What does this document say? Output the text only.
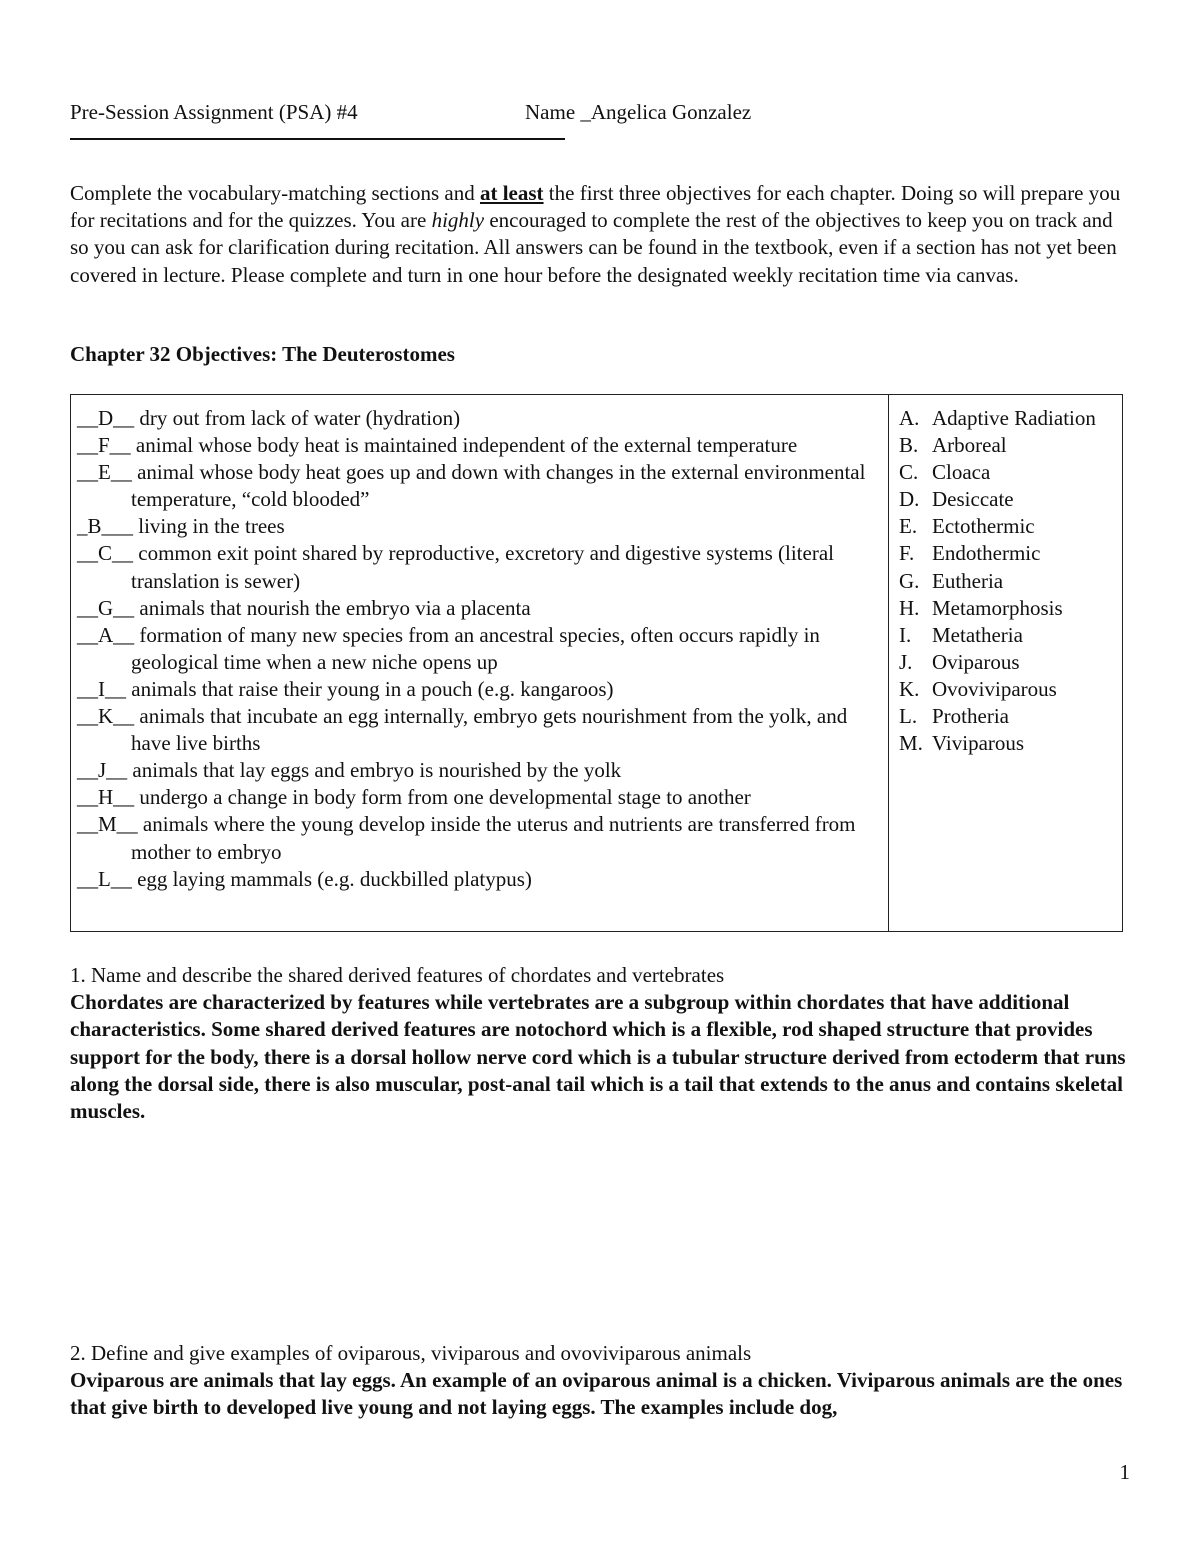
Pre-Session Assignment (PSA) #4	Name _Angelica Gonzalez

Complete the vocabulary-matching sections and at least the first three objectives for each chapter. Doing so will prepare you for recitations and for the quizzes. You are highly encouraged to complete the rest of the objectives to keep you on track and so you can ask for clarification during recitation. All answers can be found in the textbook, even if a section has not yet been covered in lecture. Please complete and turn in one hour before the designated weekly recitation time via canvas.

Chapter 32 Objectives: The Deuterostomes

__D__ dry out from lack of water (hydration)
__F__ animal whose body heat is maintained independent of the external temperature
__E__ animal whose body heat goes up and down with changes in the external environmental temperature, “cold blooded”
_B___ living in the trees
__C__ common exit point shared by reproductive, excretory and digestive systems (literal translation is sewer)
__G__ animals that nourish the embryo via a placenta
__A__ formation of many new species from an ancestral species, often occurs rapidly in geological time when a new niche opens up
__I__ animals that raise their young in a pouch (e.g. kangaroos)
__K__ animals that incubate an egg internally, embryo gets nourishment from the yolk, and have live births
__J__ animals that lay eggs and embryo is nourished by the yolk
__H__ undergo a change in body form from one developmental stage to another
__M__ animals where the young develop inside the uterus and nutrients are transferred from mother to embryo
__L__ egg laying mammals (e.g. duckbilled platypus)
A. Adaptive Radiation
B. Arboreal
C. Cloaca
D. Desiccate
E. Ectothermic
F. Endothermic
G. Eutheria
H. Metamorphosis
I. Metatheria
J. Oviparous
K. Ovoviviparous
L. Protheria
M. Viviparous
1. Name and describe the shared derived features of chordates and vertebrates
Chordates are characterized by features while vertebrates are a subgroup within chordates that have additional characteristics. Some shared derived features are notochord which is a flexible, rod shaped structure that provides support for the body, there is a dorsal hollow nerve cord which is a tubular structure derived from ectoderm that runs along the dorsal side, there is also muscular, post-anal tail which is a tail that extends to the anus and contains skeletal muscles.
2. Define and give examples of oviparous, viviparous and ovoviviparous animals
Oviparous are animals that lay eggs. An example of an oviparous animal is a chicken. Viviparous animals are the ones that give birth to developed live young and not laying eggs. The examples include dog,
1
